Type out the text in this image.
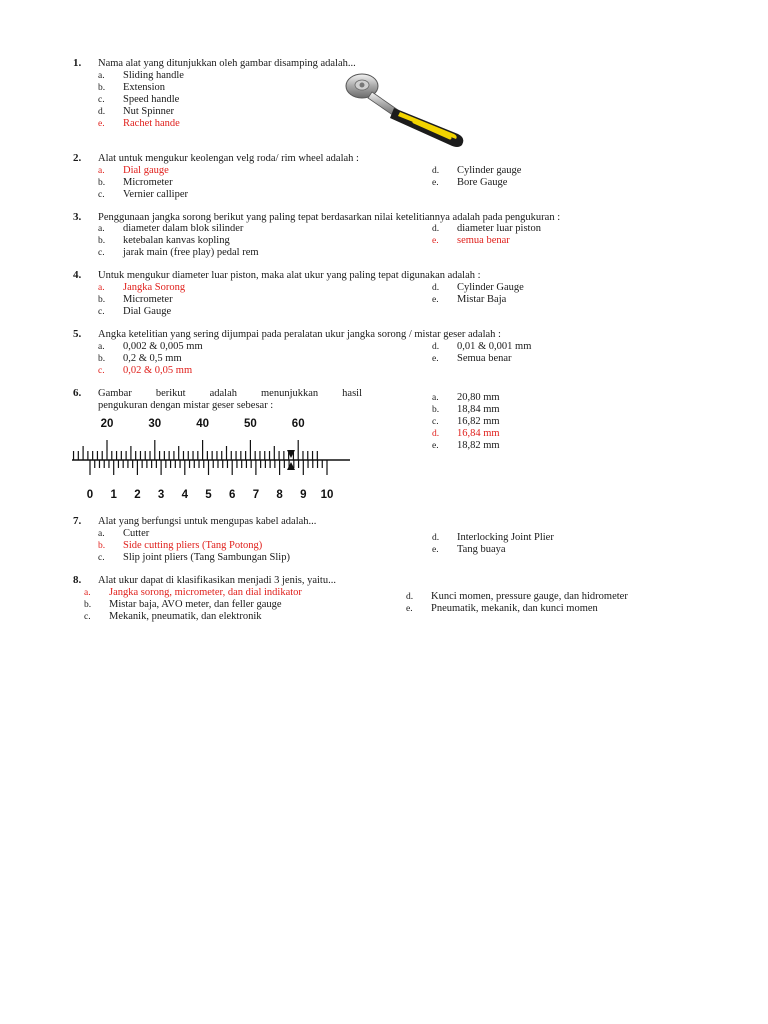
1. Nama alat yang ditunjukkan oleh gambar disamping adalah...
a. Sliding handle
b. Extension
c. Speed handle
d. Nut Spinner
e. Rachet hande
2. Alat untuk mengukur keolengan velg roda/ rim wheel adalah :
a. Dial gauge
b. Micrometer
c. Vernier calliper
d. Cylinder gauge
e. Bore Gauge
3. Penggunaan jangka sorong berikut yang paling tepat berdasarkan nilai ketelitiannya adalah pada pengukuran :
a. diameter dalam blok silinder
b. ketebalan kanvas kopling
c. jarak main (free play) pedal rem
d. diameter luar piston
e. semua benar
4. Untuk mengukur diameter luar piston, maka alat ukur yang paling tepat digunakan adalah :
a. Jangka Sorong
b. Micrometer
c. Dial Gauge
d. Cylinder Gauge
e. Mistar Baja
5. Angka ketelitian yang sering dijumpai pada peralatan ukur jangka sorong / mistar geser adalah :
a. 0,002 & 0,005 mm
b. 0,2 & 0,5 mm
c. 0,02 & 0,05 mm
d. 0,01 & 0,001 mm
e. Semua benar
6. Gambar berikut adalah menunjukkan hasil
pengukuran dengan mistar geser sebesar :
a. 20,80 mm
b. 18,84 mm
c. 16,82 mm
d. 16,84 mm
e. 18,82 mm
20	30	40	50	60
0 1 2 3 4 5 6 7 8 9 10
7. Alat yang berfungsi untuk mengupas kabel adalah...
a. Cutter
b. Side cutting pliers (Tang Potong)
c. Slip joint pliers (Tang Sambungan Slip)
d. Interlocking Joint Plier
e. Tang buaya
8. Alat ukur dapat di klasifikasikan menjadi 3 jenis, yaitu...
a. Jangka sorong, micrometer, dan dial indikator
b. Mistar baja, AVO meter, dan feller gauge
c. Mekanik, pneumatik, dan elektronik
d. Kunci momen, pressure gauge, dan hidrometer
e. Pneumatik, mekanik, dan kunci momen
